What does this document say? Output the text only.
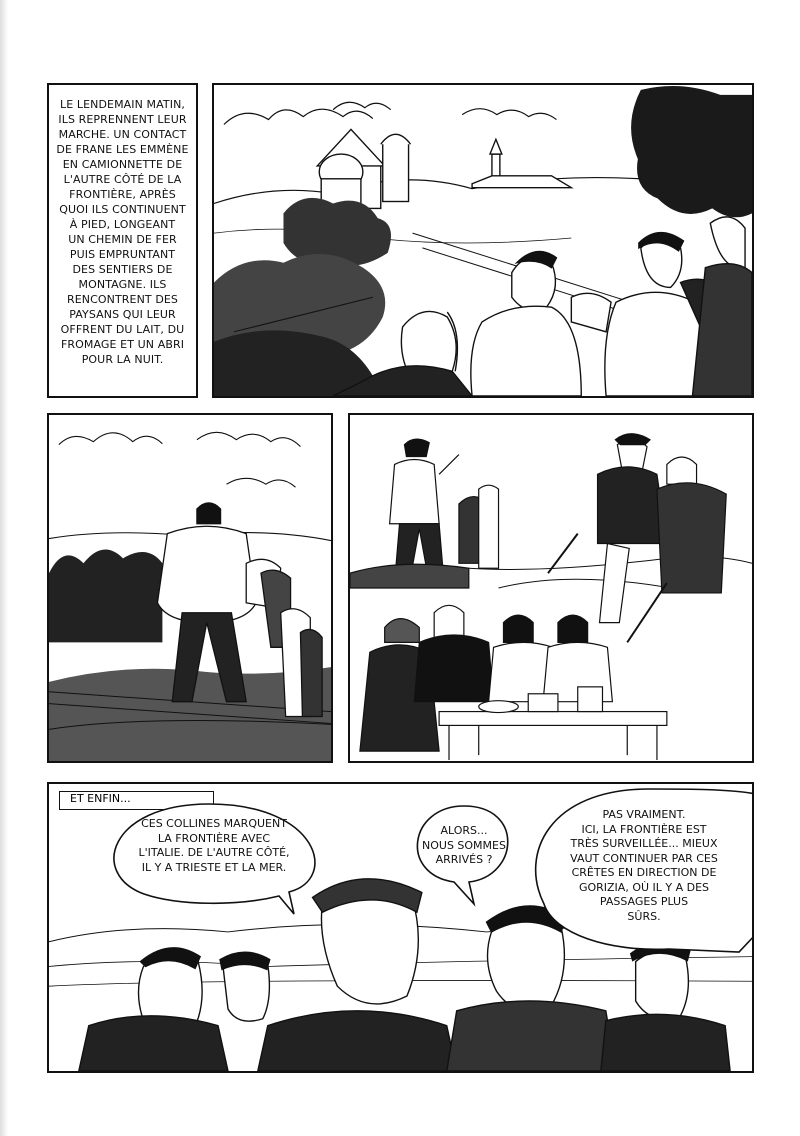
LE LENDEMAIN MATIN,
ILS REPRENNENT LEUR
MARCHE. UN CONTACT
DE FRANE LES EMMÈNE
EN CAMIONNETTE DE
L'AUTRE CÔTÉ DE LA
FRONTIÈRE, APRÈS
QUOI ILS CONTINUENT
À PIED, LONGEANT
UN CHEMIN DE FER
PUIS EMPRUNTANT
DES SENTIERS DE
MONTAGNE. ILS
RENCONTRENT DES
PAYSANS QUI LEUR
OFFRENT DU LAIT, DU
FROMAGE ET UN ABRI
POUR LA NUIT.
ET ENFIN...
CES COLLINES MARQUENT
LA FRONTIÈRE AVEC
L'ITALIE. DE L'AUTRE CÔTÉ,
IL Y A TRIESTE ET LA MER.
ALORS...
NOUS SOMMES
ARRIVÉS ?
PAS VRAIMENT.
ICI, LA FRONTIÈRE EST
TRÈS SURVEILLÉE... MIEUX
VAUT CONTINUER PAR CES
CRÊTES EN DIRECTION DE
GORIZIA, OÙ IL Y A DES
PASSAGES PLUS
SÛRS.
